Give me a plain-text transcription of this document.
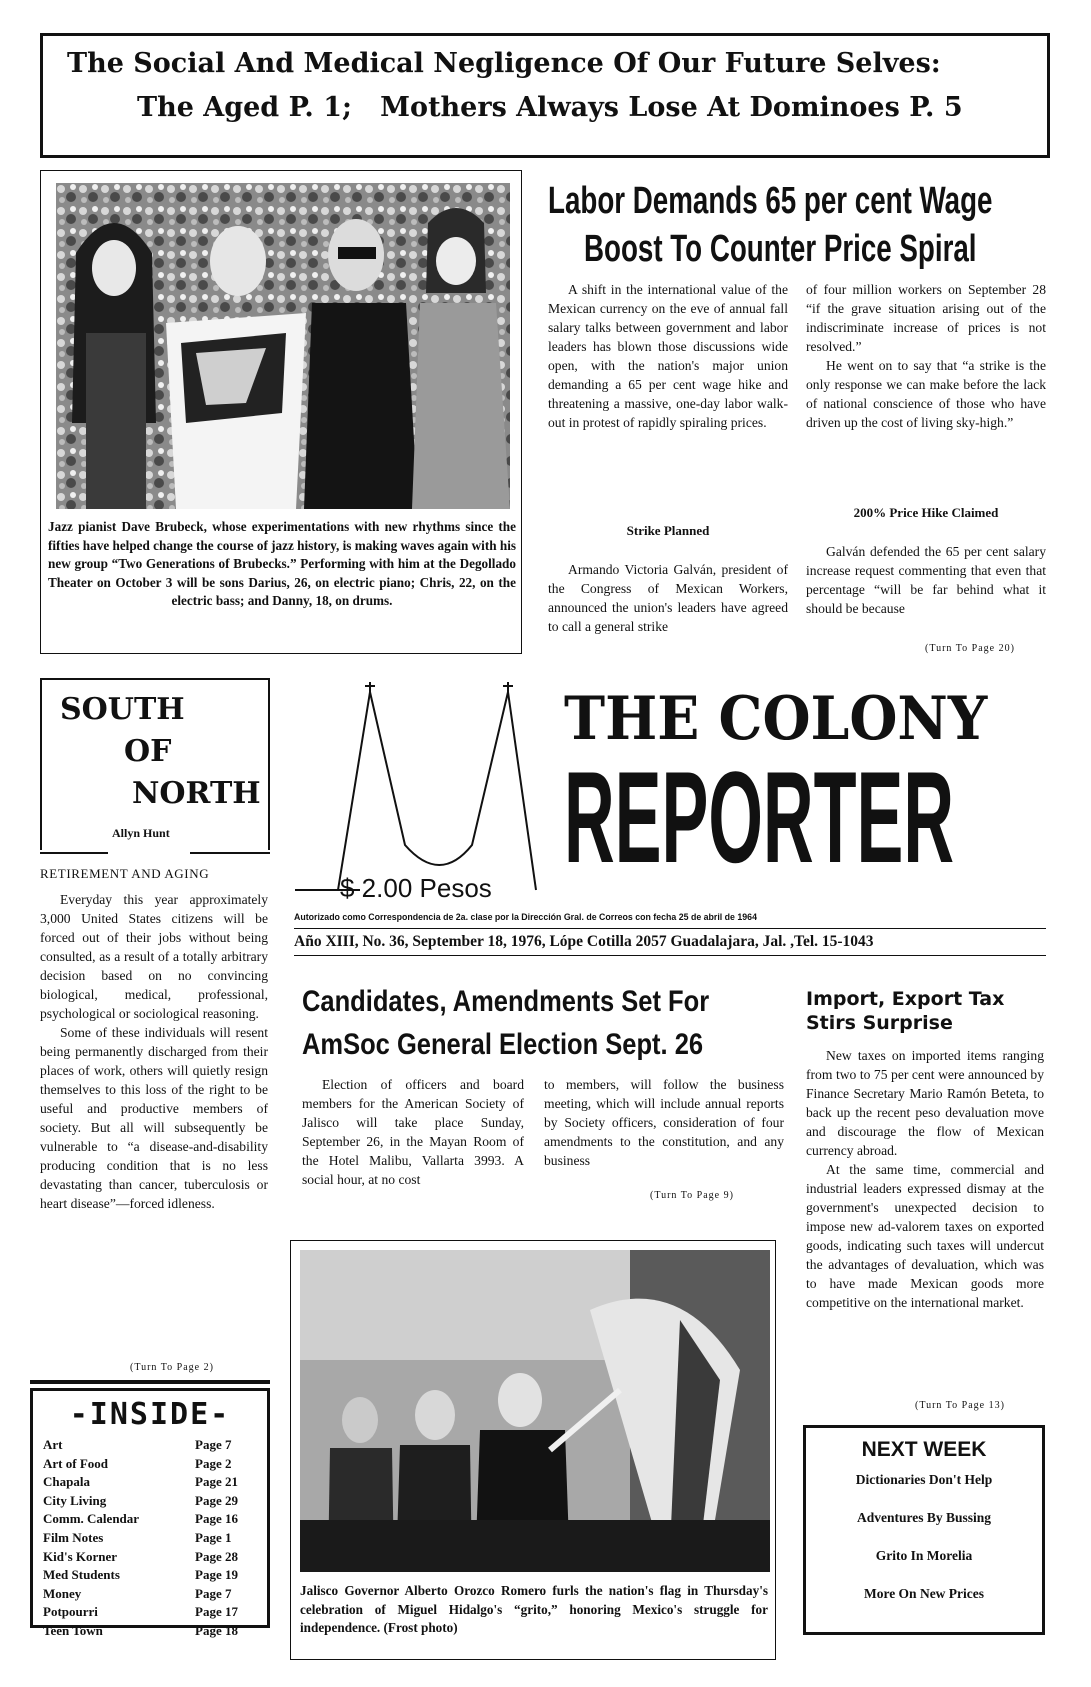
The Social And Medical Negligence Of Our Future Selves:
The Aged P. 1;   Mothers Always Lose At Dominoes P. 5
Jazz pianist Dave Brubeck, whose experimentations with new rhythms since the fifties have helped change the course of jazz history, is making waves again with his new group “Two Generations of Brubecks.” Performing with him at the Degollado Theater on October 3 will be sons Darius, 26, on electric piano; Chris, 22, on the electric bass; and Danny, 18, on drums.
Labor Demands 65 per cent Wage
Boost To Counter Price Spiral

A shift in the international value of the Mexican currency on the eve of annual fall salary talks between government and labor leaders has blown those discussions wide open, with the nation's major union demanding a 65 per cent wage hike and threatening a massive, one-day labor walk-out in protest of rapidly spiraling prices.

Strike Planned

Armando Victoria Galván, president of the Congress of Mexican Workers, announced the union's leaders have agreed to call a general strike

of four million workers on September 28 “if the grave situation arising out of the indiscriminate increase of prices is not resolved.”

He went on to say that “a strike is the only response we can make before the lack of national conscience of those who have driven up the cost of living sky-high.”

200% Price Hike Claimed

Galván defended the 65 per cent salary increase request commenting that even that percentage “will be far behind what it should be because

(Turn To Page 20)
SOUTH
OF
NORTH
Allyn Hunt
RETIREMENT AND AGING

Everyday this year approximately 3,000 United States citizens will be forced out of their jobs without being consulted, as a result of a totally arbitrary decision based on no convincing biological, medical, professional, psychological or sociological reasoning.

Some of these individuals will resent being permanently discharged from their places of work, others will quietly resign themselves to this loss of the right to be useful and productive members of society. But all will subsequently be vulnerable to “a disease-and-disability producing condition that is no less devastating than cancer, tuberculosis or heart disease”—forced idleness.

(Turn To Page 2)
-INSIDE-
Art	Page 7
Art of Food	Page 2
Chapala	Page 21
City Living	Page 29
Comm. Calendar	Page 16
Film Notes	Page 1
Kid's Korner	Page 28
Med Students	Page 19
Money	Page 7
Potpourri	Page 17
Teen Town	Page 18
$ 2.00 Pesos
THE COLONY
REPORTER
Autorizado como Correspondencia de 2a. clase por la Dirección Gral. de Correos con fecha 25 de abril de 1964
Año XIII, No. 36, September 18, 1976, Lópe Cotilla 2057 Guadalajara, Jal. ,Tel. 15-1043
Candidates, Amendments Set For
AmSoc General Election Sept. 26

Election of officers and board members for the American Society of Jalisco will take place Sunday, September 26, in the Mayan Room of the Hotel Malibu, Vallarta 3993. A social hour, at no cost

to members, will follow the business meeting, which will include annual reports by Society officers, consideration of four amendments to the constitution, and any business

(Turn To Page 9)
Jalisco Governor Alberto Orozco Romero furls the nation's flag in Thursday's celebration of Miguel Hidalgo's “grito,” honoring Mexico's struggle for independence. (Frost photo)
Import, Export Tax
Stirs Surprise

New taxes on imported items ranging from two to 75 per cent were announced by Finance Secretary Mario Ramón Beteta, to back up the recent peso devaluation move and discourage the flow of Mexican currency abroad.

At the same time, commercial and industrial leaders expressed dismay at the government's unexpected decision to impose new ad-valorem taxes on exported goods, indicating such taxes will undercut the advantages of devaluation, which was to have made Mexican goods more competitive on the international market.

(Turn To Page 13)
NEXT WEEK
Dictionaries Don't Help
Adventures By Bussing
Grito In Morelia
More On New Prices
